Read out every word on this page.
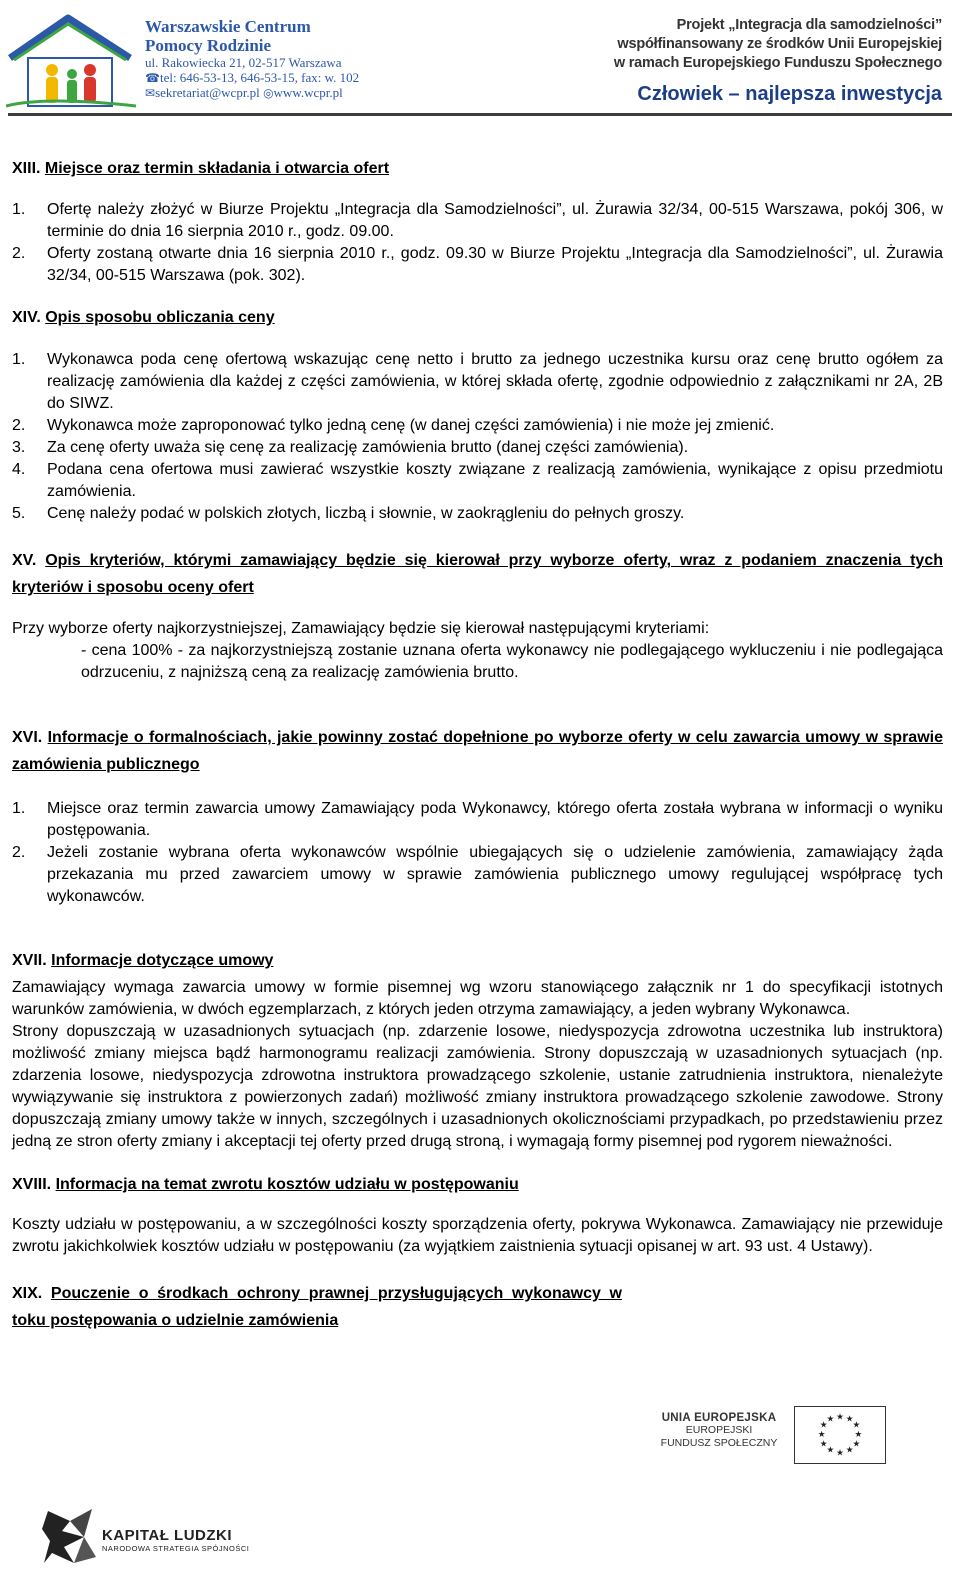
Warszawskie Centrum
Pomocy Rodzinie
ul. Rakowiecka 21, 02-517 Warszawa
☎tel: 646-53-13, 646-53-15, fax: w. 102
✉sekretariat@wcpr.pl ◎www.wcpr.pl
Projekt „Integracja dla samodzielności”
współfinansowany ze środków Unii Europejskiej
w ramach Europejskiego Funduszu Społecznego
Człowiek – najlepsza inwestycja

XIII. Miejsce oraz termin składania i otwarcia ofert

1. Ofertę należy złożyć w Biurze Projektu „Integracja dla Samodzielności”, ul. Żurawia 32/34, 00-515 Warszawa, pokój 306, w terminie do dnia 16 sierpnia 2010 r., godz. 09.00.
2. Oferty zostaną otwarte dnia 16 sierpnia 2010 r., godz. 09.30 w Biurze Projektu „Integracja dla Samodzielności”, ul. Żurawia 32/34, 00-515 Warszawa (pok. 302).

XIV. Opis sposobu obliczania ceny

1. Wykonawca poda cenę ofertową wskazując cenę netto i brutto za jednego uczestnika kursu oraz cenę brutto ogółem za realizację zamówienia dla każdej z części zamówienia, w której składa ofertę, zgodnie odpowiednio z załącznikami nr 2A, 2B do SIWZ.
2. Wykonawca może zaproponować tylko jedną cenę (w danej części zamówienia) i nie może jej zmienić.
3. Za cenę oferty uważa się cenę za realizację zamówienia brutto (danej części zamówienia).
4. Podana cena ofertowa musi zawierać wszystkie koszty związane z realizacją zamówienia, wynikające z opisu przedmiotu zamówienia.
5. Cenę należy podać w polskich złotych, liczbą i słownie, w zaokrągleniu do pełnych groszy.

XV. Opis kryteriów, którymi zamawiający będzie się kierował przy wyborze oferty, wraz z podaniem znaczenia tych kryteriów i sposobu oceny ofert

Przy wyborze oferty najkorzystniejszej, Zamawiający będzie się kierował następującymi kryteriami:

- cena 100% - za najkorzystniejszą zostanie uznana oferta wykonawcy nie podlegającego wykluczeniu i nie podlegająca odrzuceniu, z najniższą ceną za realizację zamówienia brutto.

XVI. Informacje o formalnościach, jakie powinny zostać dopełnione po wyborze oferty w celu zawarcia umowy w sprawie zamówienia publicznego

1. Miejsce oraz termin zawarcia umowy Zamawiający poda Wykonawcy, którego oferta została wybrana w informacji o wyniku postępowania.
2. Jeżeli zostanie wybrana oferta wykonawców wspólnie ubiegających się o udzielenie zamówienia, zamawiający żąda przekazania mu przed zawarciem umowy w sprawie zamówienia publicznego umowy regulującej współpracę tych wykonawców.

XVII. Informacje dotyczące umowy

Zamawiający wymaga zawarcia umowy w formie pisemnej wg wzoru stanowiącego załącznik nr 1 do specyfikacji istotnych warunków zamówienia, w dwóch egzemplarzach, z których jeden otrzyma zamawiający, a jeden wybrany Wykonawca.

Strony dopuszczają w uzasadnionych sytuacjach (np. zdarzenie losowe, niedyspozycja zdrowotna uczestnika lub instruktora) możliwość zmiany miejsca bądź harmonogramu realizacji zamówienia. Strony dopuszczają w uzasadnionych sytuacjach (np. zdarzenia losowe, niedyspozycja zdrowotna instruktora prowadzącego szkolenie, ustanie zatrudnienia instruktora, nienależyte wywiązywanie się instruktora z powierzonych zadań) możliwość zmiany instruktora prowadzącego szkolenie zawodowe. Strony dopuszczają zmiany umowy także w innych, szczególnych i uzasadnionych okolicznościami przypadkach, po przedstawieniu przez jedną ze stron oferty zmiany i akceptacji tej oferty przed drugą stroną, i wymagają formy pisemnej pod rygorem nieważności.

XVIII. Informacja na temat zwrotu kosztów udziału w postępowaniu

Koszty udziału w postępowaniu, a w szczególności koszty sporządzenia oferty, pokrywa Wykonawca. Zamawiający nie przewiduje zwrotu jakichkolwiek kosztów udziału w postępowaniu (za wyjątkiem zaistnienia sytuacji opisanej w art. 93 ust. 4 Ustawy).

XIX. Pouczenie o środkach ochrony prawnej przysługujących wykonawcy w toku postępowania o udzielnie zamówienia

UNIA EUROPEJSKA
EUROPEJSKI
FUNDUSZ SPOŁECZNY
★ ★
★
★
★
★
★
★
★
★
★
★
KAPITAŁ LUDZKI
NARODOWA STRATEGIA SPÓJNOŚCI
